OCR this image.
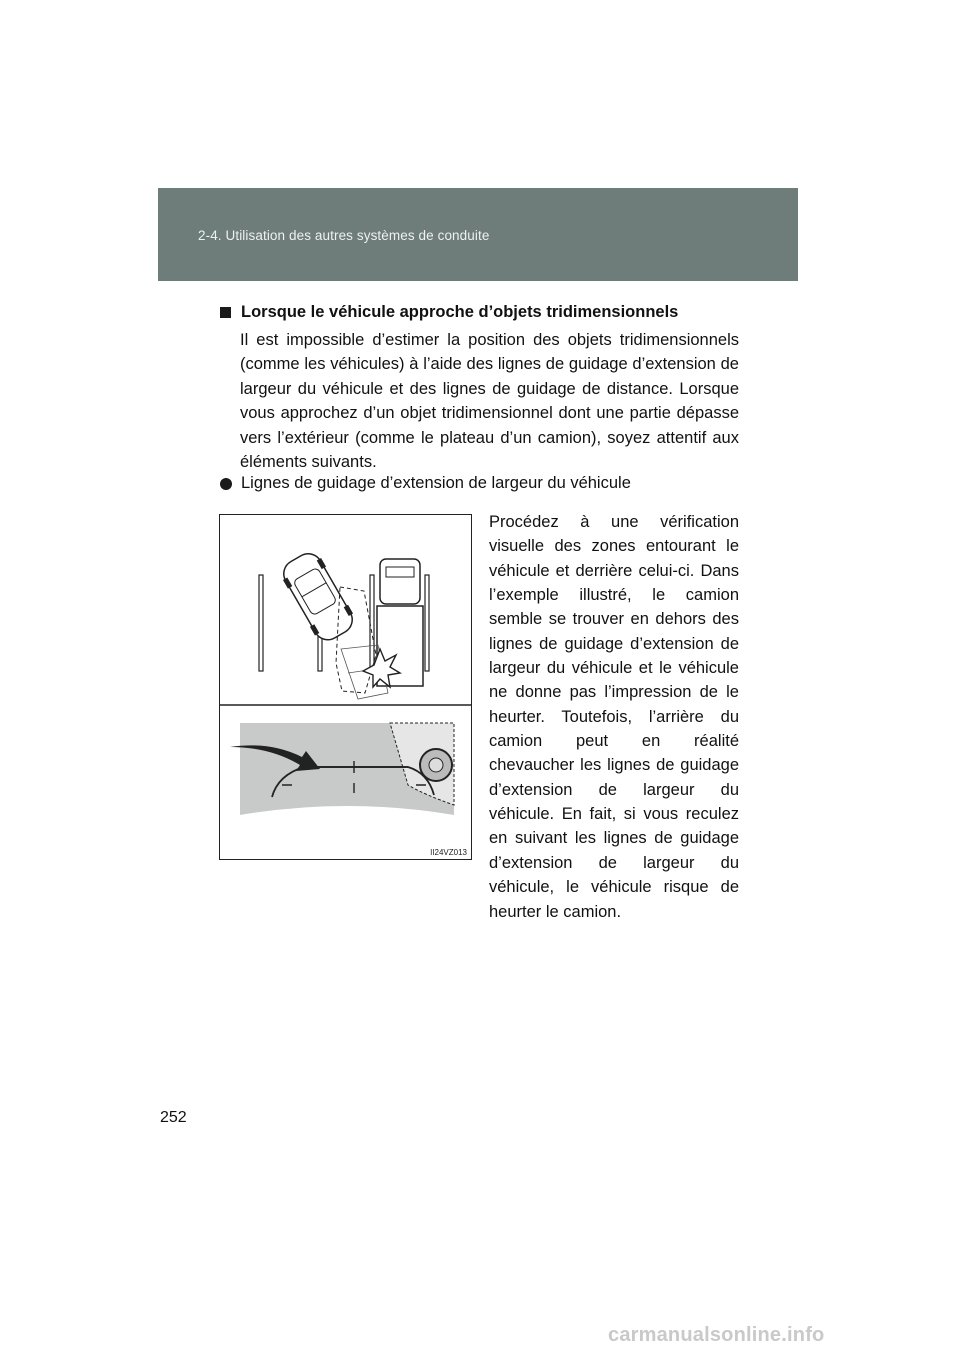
2-4. Utilisation des autres systèmes de conduite
Lorsque le véhicule approche d’objets tridimensionnels
Il est impossible d’estimer la position des objets tridimensionnels (comme les véhicules) à l’aide des lignes de guidage d’extension de largeur du véhicule et des lignes de guidage de distance. Lorsque vous approchez d’un objet tridimensionnel dont une partie dépasse vers l’extérieur (comme le plateau d’un camion), soyez attentif aux éléments suivants.
Lignes de guidage d’extension de largeur du véhicule
II24VZ013
Procédez à une vérification visuelle des zones entourant le véhicule et derrière celui-ci. Dans l’exemple illustré, le camion semble se trouver en dehors des lignes de guidage d’extension de largeur du véhicule et le véhicule ne donne pas l’impression de le heurter. Toutefois, l’arrière du camion peut en réalité chevaucher les lignes de guidage d’extension de largeur du véhicule. En fait, si vous reculez en suivant les lignes de guidage d’extension de largeur du véhicule, le véhicule risque de heurter le camion.
252
carmanualsonline.info
